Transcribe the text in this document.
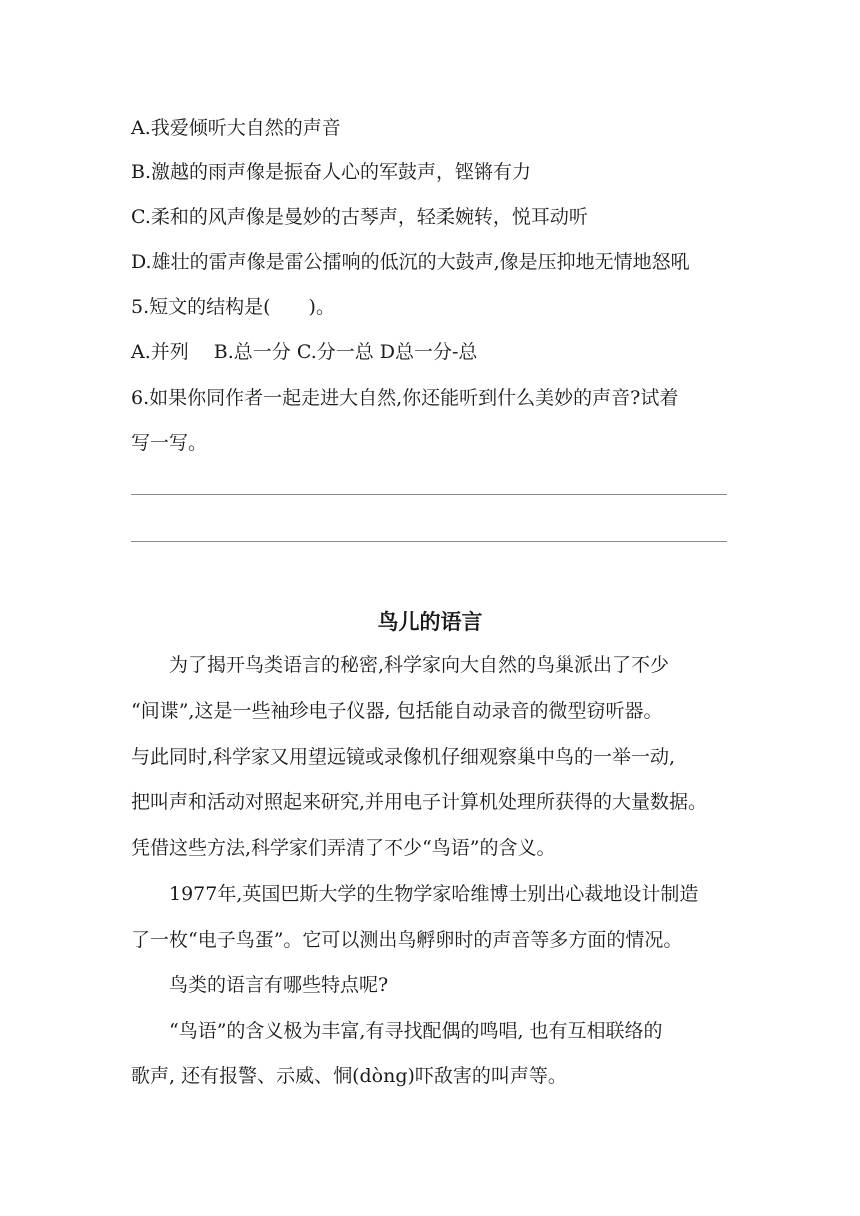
A.我爱倾听大自然的声音
B.激越的雨声像是振奋人心的军鼓声，铿锵有力
C.柔和的风声像是曼妙的古琴声，轻柔婉转，悦耳动听
D.雄壮的雷声像是雷公擂响的低沉的大鼓声,像是压抑地无情地怒吼
5.短文的结构是(　　)。
A.并列　 B.总一分 C.分一总 D总一分-总
6.如果你同作者一起走进大自然,你还能听到什么美妙的声音?试着
写一写。
鸟儿的语言
　　为了揭开鸟类语言的秘密,科学家向大自然的鸟巢派出了不少
“间谍”,这是一些袖珍电子仪器, 包括能自动录音的微型窃听器。
与此同时,科学家又用望远镜或录像机仔细观察巢中鸟的一举一动,
把叫声和活动对照起来研究,并用电子计算机处理所获得的大量数据。
凭借这些方法,科学家们弄清了不少“鸟语”的含义。
　　1977年,英国巴斯大学的生物学家哈维博士别出心裁地设计制造
了一枚“电子鸟蛋”。它可以测出鸟孵卵时的声音等多方面的情况。
　　鸟类的语言有哪些特点呢?
　　“鸟语”的含义极为丰富,有寻找配偶的鸣唱, 也有互相联络的
歌声, 还有报警、示威、恫(dòng)吓敌害的叫声等。
